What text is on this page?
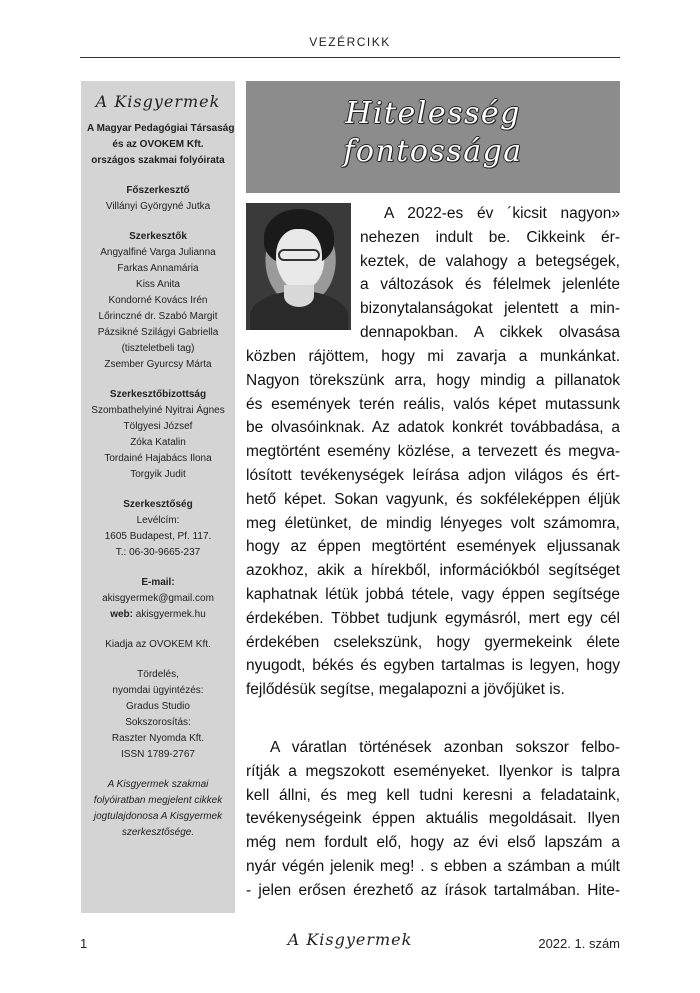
VEZÉRCIKK
A Kisgyermek
A Magyar Pedagógiai Társaság
és az OVOKEM Kft.
országos szakmai folyóirata
Főszerkesztő
Villányi Györgyné Jutka
Szerkesztők
Angyalfiné Varga Julianna
Farkas Annamária
Kiss Anita
Kondorné Kovács Irén
Lőrinczné dr. Szabó Margit
Pázsikné Szilágyi Gabriella
(tiszteletbeli tag)
Zsember Gyurcsy Márta
Szerkesztőbizottság
Szombathelyiné Nyitrai Ágnes
Tölgyesi József
Zóka Katalin
Tordainé Hajabács Ilona
Torgyik Judit
Szerkesztőség
Levélcím:
1605 Budapest, Pf. 117.
T.: 06-30-9665-237
E-mail:
akisgyermek@gmail.com
web: akisgyermek.hu
Kiadja az OVOKEM Kft.
Tördelés,
nyomdai ügyintézés:
Gradus Studio
Sokszorosítás:
Raszter Nyomda Kft.
ISSN 1789-2767
A Kisgyermek szakmai
folyóiratban megjelent cikkek
jogtulajdonosa A Kisgyermek
szerkesztősége.
Hitelesség
fontossága
A 2022-es év ´kicsit nagyon»
nehezen indult be. Cikkeink ér-
keztek, de valahogy a betegségek,
a változások és félelmek jelenléte
bizonytalanságokat jelentett a min-
dennapokban. A cikkek olvasása
közben rájöttem, hogy mi zavarja a munkánkat.
Nagyon törekszünk arra, hogy mindig a pillanatok
és események terén reális, valós képet mutassunk
be olvasóinknak. Az adatok konkrét továbbadása, a
megtörtént esemény közlése, a tervezett és megva-
lósított tevékenységek leírása adjon világos és ért-
hető képet. Sokan vagyunk, és sokféleképpen éljük
meg életünket, de mindig lényeges volt számomra,
hogy az éppen megtörtént események eljussanak
azokhoz, akik a hírekből, információkból segítséget
kaphatnak létük jobbá tétele, vagy éppen segítsége
érdekében. Többet tudjunk egymásról, mert egy cél
érdekében cselekszünk, hogy gyermekeink élete
nyugodt, békés és egyben tartalmas is legyen, hogy
fejlődésük segítse, megalapozni a jövőjüket is.
A váratlan történések azonban sokszor felbo-
rítják a megszokott eseményeket. Ilyenkor is talpra
kell állni, és meg kell tudni keresni a feladataink,
tevékenységeink éppen aktuális megoldásait. Ilyen
még nem fordult elő, hogy az évi első lapszám a
nyár végén jelenik meg! . s ebben a számban a múlt
- jelen erősen érezhető az írások tartalmában. Hite-
1	A Kisgyermek	2022. 1. szám
